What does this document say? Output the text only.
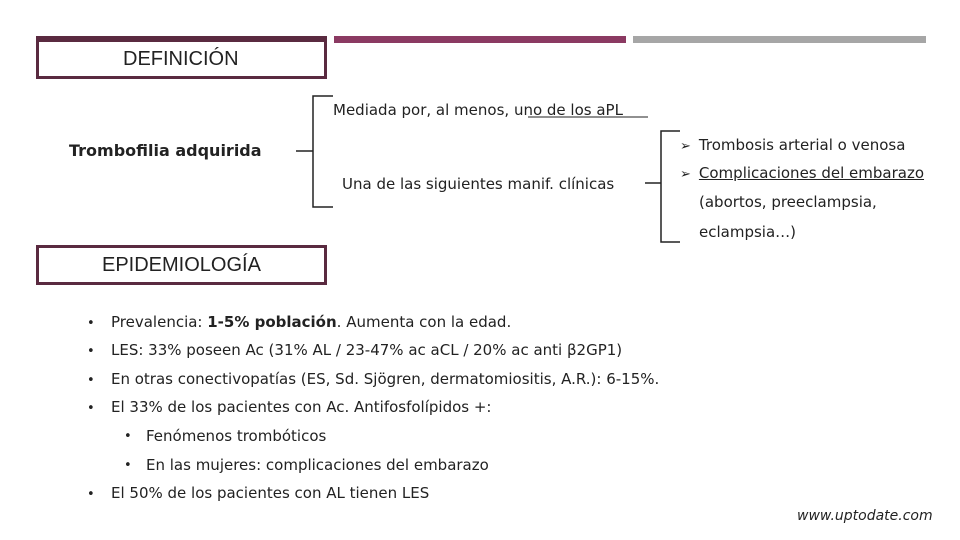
DEFINICIÓN
Mediada por, al menos, uno de los aPL
Trombofilia adquirida
Una de las siguientes manif. clínicas
➢ Trombosis arterial o venosa
➢ Complicaciones del embarazo
(abortos, preeclampsia,
eclampsia…)
EPIDEMIOLOGÍA
• Prevalencia: 1-5% población. Aumenta con la edad.
• LES: 33% poseen Ac (31% AL / 23-47% ac aCL / 20% ac anti β2GP1)
• En otras conectivopatías (ES, Sd. Sjögren, dermatomiositis, A.R.): 6-15%.
• El 33% de los pacientes con Ac. Antifosfolípidos +:
• Fenómenos trombóticos
• En las mujeres: complicaciones del embarazo
• El 50% de los pacientes con AL tienen LES
www.uptodate.com
